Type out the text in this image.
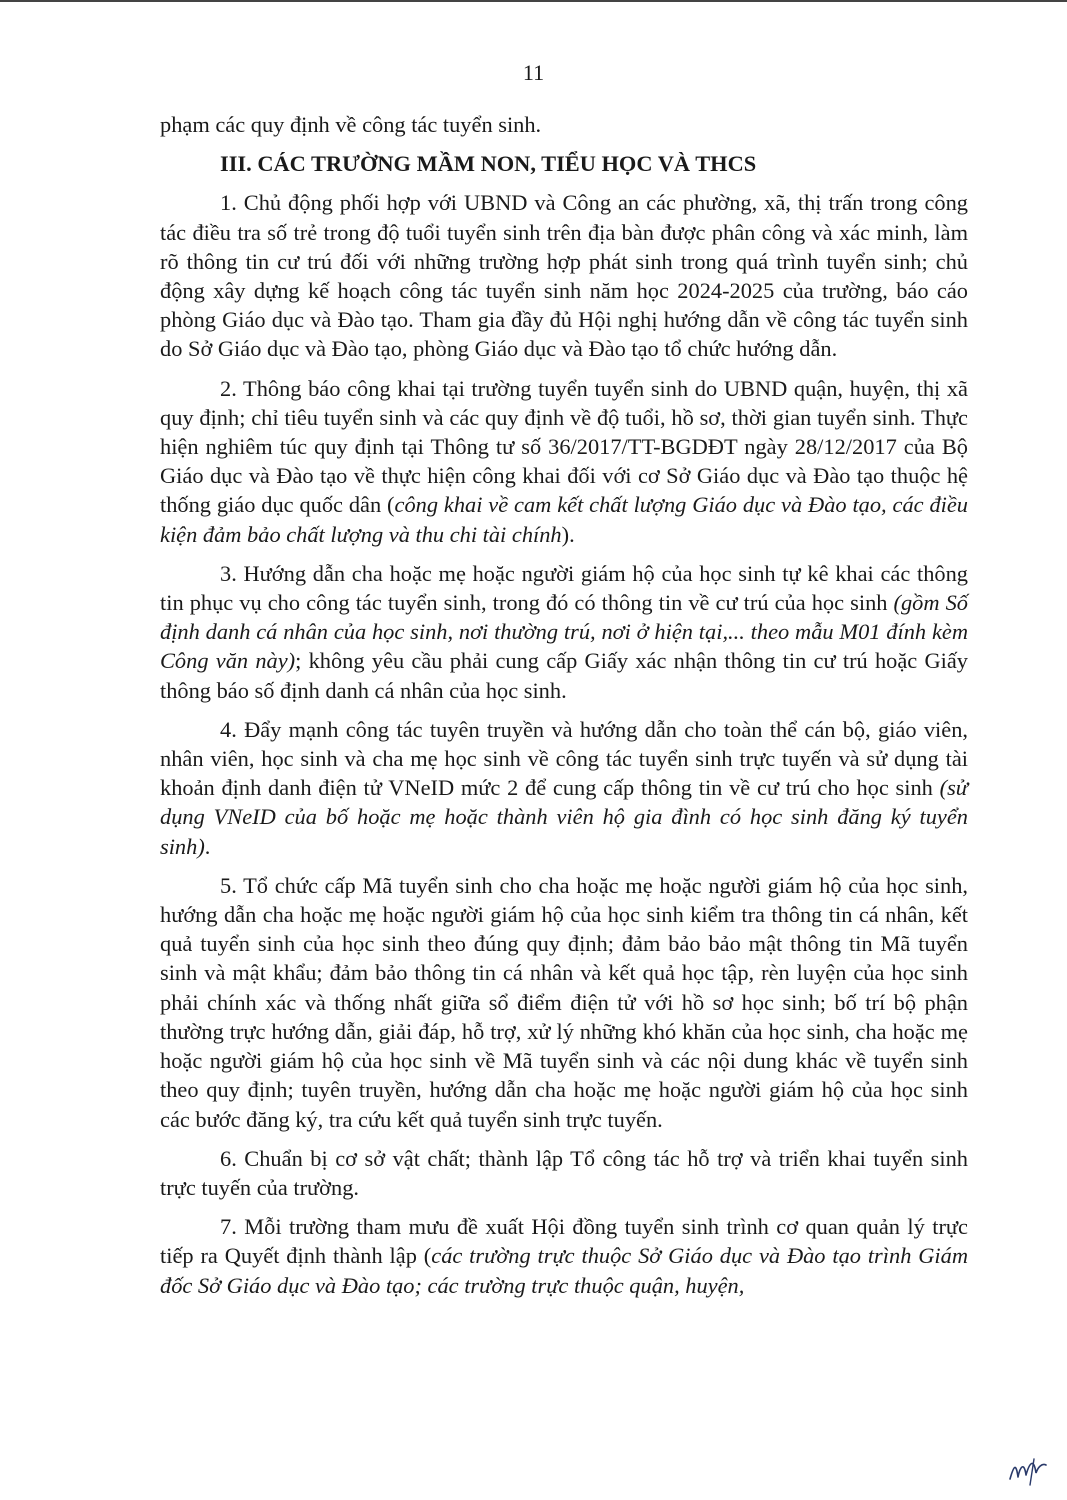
11

phạm các quy định về công tác tuyển sinh.

III. CÁC TRƯỜNG MẦM NON, TIỂU HỌC VÀ THCS

1. Chủ động phối hợp với UBND và Công an các phường, xã, thị trấn trong công tác điều tra số trẻ trong độ tuổi tuyển sinh trên địa bàn được phân công và xác minh, làm rõ thông tin cư trú đối với những trường hợp phát sinh trong quá trình tuyển sinh; chủ động xây dựng kế hoạch công tác tuyển sinh năm học 2024-2025 của trường, báo cáo phòng Giáo dục và Đào tạo. Tham gia đầy đủ Hội nghị hướng dẫn về công tác tuyển sinh do Sở Giáo dục và Đào tạo, phòng Giáo dục và Đào tạo tổ chức hướng dẫn.

2. Thông báo công khai tại trường tuyển tuyển sinh do UBND quận, huyện, thị xã quy định; chỉ tiêu tuyển sinh và các quy định về độ tuổi, hồ sơ, thời gian tuyển sinh. Thực hiện nghiêm túc quy định tại Thông tư số 36/2017/TT-BGDĐT ngày 28/12/2017 của Bộ Giáo dục và Đào tạo về thực hiện công khai đối với cơ Sở Giáo dục và Đào tạo thuộc hệ thống giáo dục quốc dân (công khai về cam kết chất lượng Giáo dục và Đào tạo, các điều kiện đảm bảo chất lượng và thu chi tài chính).

3. Hướng dẫn cha hoặc mẹ hoặc người giám hộ của học sinh tự kê khai các thông tin phục vụ cho công tác tuyển sinh, trong đó có thông tin về cư trú của học sinh (gồm Số định danh cá nhân của học sinh, nơi thường trú, nơi ở hiện tại,... theo mẫu M01 đính kèm Công văn này); không yêu cầu phải cung cấp Giấy xác nhận thông tin cư trú hoặc Giấy thông báo số định danh cá nhân của học sinh.

4. Đẩy mạnh công tác tuyên truyền và hướng dẫn cho toàn thể cán bộ, giáo viên, nhân viên, học sinh và cha mẹ học sinh về công tác tuyển sinh trực tuyến và sử dụng tài khoản định danh điện tử VNeID mức 2 để cung cấp thông tin về cư trú cho học sinh (sử dụng VNeID của bố hoặc mẹ hoặc thành viên hộ gia đình có học sinh đăng ký tuyển sinh).

5. Tổ chức cấp Mã tuyển sinh cho cha hoặc mẹ hoặc người giám hộ của học sinh, hướng dẫn cha hoặc mẹ hoặc người giám hộ của học sinh kiểm tra thông tin cá nhân, kết quả tuyển sinh của học sinh theo đúng quy định; đảm bảo bảo mật thông tin Mã tuyển sinh và mật khẩu; đảm bảo thông tin cá nhân và kết quả học tập, rèn luyện của học sinh phải chính xác và thống nhất giữa sổ điểm điện tử với hồ sơ học sinh; bố trí bộ phận thường trực hướng dẫn, giải đáp, hỗ trợ, xử lý những khó khăn của học sinh, cha hoặc mẹ hoặc người giám hộ của học sinh về Mã tuyển sinh và các nội dung khác về tuyển sinh theo quy định; tuyên truyền, hướng dẫn cha hoặc mẹ hoặc người giám hộ của học sinh các bước đăng ký, tra cứu kết quả tuyển sinh trực tuyến.

6. Chuẩn bị cơ sở vật chất; thành lập Tổ công tác hỗ trợ và triển khai tuyển sinh trực tuyến của trường.

7. Mỗi trường tham mưu đề xuất Hội đồng tuyển sinh trình cơ quan quản lý trực tiếp ra Quyết định thành lập (các trường trực thuộc Sở Giáo dục và Đào tạo trình Giám đốc Sở Giáo dục và Đào tạo; các trường trực thuộc quận, huyện,
